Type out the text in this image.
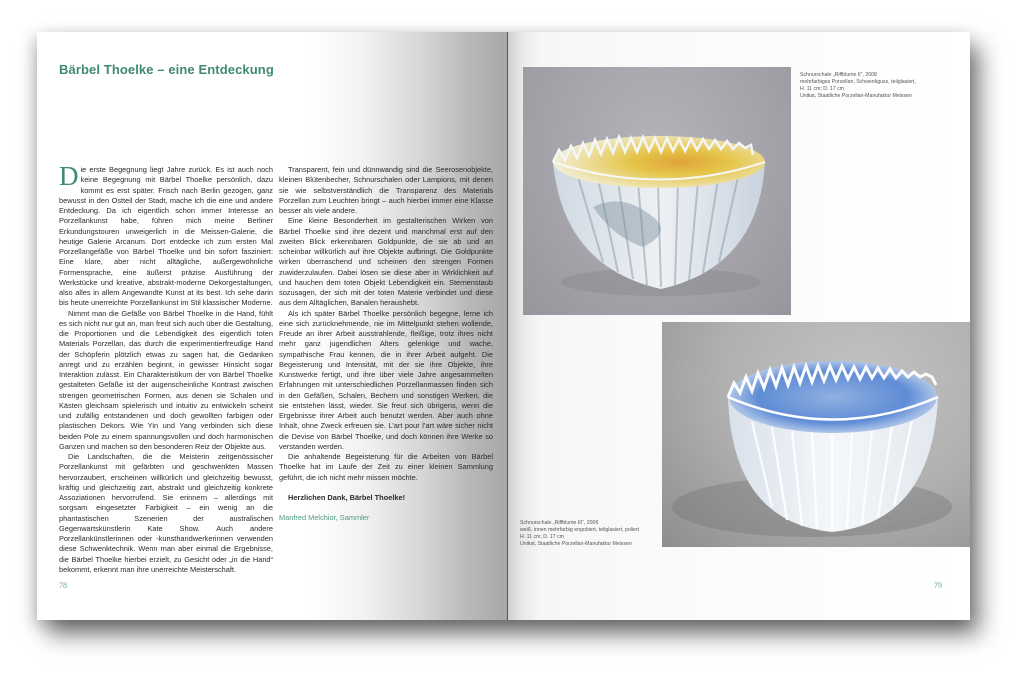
Bärbel Thoelke – eine Entdeckung

Die erste Begegnung liegt Jahre zurück. Es ist auch noch keine Begegnung mit Bärbel Thoelke persönlich, dazu kommt es erst später. Frisch nach Berlin gezogen, ganz bewusst in den Ostteil der Stadt, mache ich die eine und andere Entdeckung. Da ich eigentlich schon immer Interesse an Porzellankunst habe, führen mich meine Berliner Erkundungstouren unweigerlich in die Meissen-Galerie, die heutige Galerie Arcanum. Dort entdecke ich zum ersten Mal Porzellangefäße von Bärbel Thoelke und bin sofort fasziniert: Eine klare, aber nicht alltägliche, außergewöhnliche Formensprache, eine äußerst präzise Ausführung der Werkstücke und kreative, abstrakt-moderne Dekorgestaltungen, also alles in allem Angewandte Kunst at its best. Ich sehe darin bis heute unerreichte Porzellankunst im Stil klassischer Moderne.

Nimmt man die Gefäße von Bärbel Thoelke in die Hand, fühlt es sich nicht nur gut an, man freut sich auch über die Gestaltung, die Proportionen und die Lebendigkeit des eigentlich toten Materials Porzellan, das durch die experimentierfreudige Hand der Schöpferin plötzlich etwas zu sagen hat, die Gedanken anregt und zu erzählen beginnt, in gewisser Hinsicht sogar Interaktion zulässt. Ein Charakteristikum der von Bärbel Thoelke gestalteten Gefäße ist der augenscheinliche Kontrast zwischen strengen geometrischen Formen, aus denen sie Schalen und Kästen gleichsam spielerisch und intuitiv zu entwickeln scheint und zufällig entstandenen und doch gewollten farbigen oder plastischen Dekors. Wie Yin und Yang verbinden sich diese beiden Pole zu einem spannungsvollen und doch harmonischen Ganzen und machen so den besonderen Reiz der Objekte aus.

Die Landschaften, die die Meisterin zeitgenössischer Porzellankunst mit gefärbten und geschwenkten Massen hervorzaubert, erscheinen willkürlich und gleichzeitig bewusst, kräftig und gleichzeitig zart, abstrakt und gleichzeitig konkrete Assoziationen hervorrufend. Sie erinnern – allerdings mit sorgsam eingesetzter Farbigkeit – ein wenig an die phantastischen Szenerien der australischen Gegenwartskünstlerin Kate Show. Auch andere Porzellankünstlerinnen oder -kunsthandwerkerinnen verwenden diese Schwenktechnik. Wenn man aber einmal die Ergebnisse, die Bärbel Thoelke hierbei erzielt, zu Gesicht oder „in die Hand“ bekommt, erkennt man ihre unerreichte Meisterschaft.

Transparent, fein und dünnwandig sind die Seerosenobjekte, kleinen Blütenbecher, Schnurschalen oder Lampions, mit denen sie wie selbstverständlich die Transparenz des Materials Porzellan zum Leuchten bringt – auch hierbei immer eine Klasse besser als viele andere.

Eine kleine Besonderheit im gestalterischen Wirken von Bärbel Thoelke sind ihre dezent und manchmal erst auf den zweiten Blick erkennbaren Goldpunkte, die sie ab und an scheinbar willkürlich auf ihre Objekte aufbringt. Die Goldpunkte wirken überraschend und scheinen den strengen Formen zuwiderzulaufen. Dabei lösen sie diese aber in Wirklichkeit auf und hauchen dem toten Objekt Lebendigkeit ein. Sternenstaub sozusagen, der sich mit der toten Materie verbindet und diese aus dem Alltäglichen, Banalen heraushebt.

Als ich später Bärbel Thoelke persönlich begegne, lerne ich eine sich zurücknehmende, nie im Mittelpunkt stehen wollende, Freude an ihrer Arbeit ausstrahlende, fleißige, trotz ihres nicht mehr ganz jugendlichen Alters gelenkige und wache, sympathische Frau kennen, die in ihrer Arbeit aufgeht. Die Begeisterung und Intensität, mit der sie ihre Objekte, ihre Kunstwerke fertigt, und ihre über viele Jahre angesammelten Erfahrungen mit unterschiedlichen Porzellanmassen finden sich in den Gefäßen, Schalen, Bechern und sonstigen Werken, die sie entstehen lässt, wieder. Sie freut sich übrigens, wenn die Ergebnisse ihrer Arbeit auch benutzt werden. Aber auch ohne Inhalt, ohne Zweck erfreuen sie. L’art pour l’art wäre sicher nicht die Devise von Bärbel Thoelke, und doch können ihre Werke so verstanden werden.

Die anhaltende Begeisterung für die Arbeiten von Bärbel Thoelke hat im Laufe der Zeit zu einer kleinen Sammlung geführt, die ich nicht mehr missen möchte.

Herzlichen Dank, Bärbel Thoelke!

Manfred Melchior, Sammler

78
Schnurschale „Riffblume II“, 2008
mehrfarbiges Porzellan, Schwenkguss, teilglasiert,
H. 11 cm; D. 17 cm
Unikat, Staatliche Porzellan-Manufaktur Meissen
Schnurschale „Riffblume III“, 2006
weiß, innen mehrfarbig engobiert, teilglasiert, poliert
H. 11 cm; D. 17 cm
Unikat, Staatliche Porzellan-Manufaktur Meissen
79
